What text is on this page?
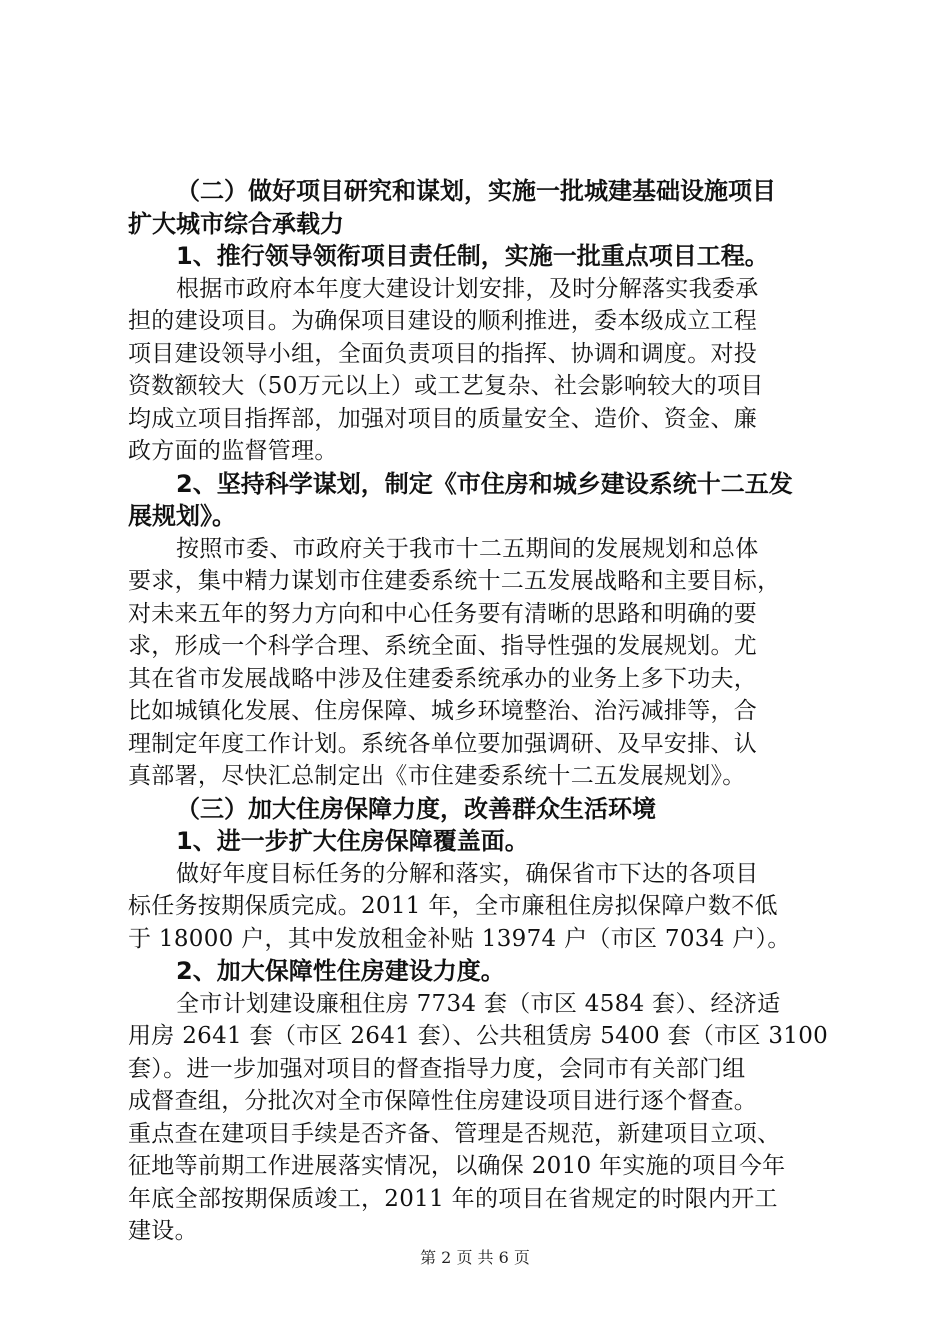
（二）做好项目研究和谋划，实施一批城建基础设施项目
扩大城市综合承载力
1、推行领导领衔项目责任制，实施一批重点项目工程。
根据市政府本年度大建设计划安排，及时分解落实我委承
担的建设项目。为确保项目建设的顺利推进，委本级成立工程
项目建设领导小组，全面负责项目的指挥、协调和调度。对投
资数额较大（50万元以上）或工艺复杂、社会影响较大的项目
均成立项目指挥部，加强对项目的质量安全、造价、资金、廉
政方面的监督管理。
2、坚持科学谋划，制定《市住房和城乡建设系统十二五发
展规划》。
按照市委、市政府关于我市十二五期间的发展规划和总体
要求，集中精力谋划市住建委系统十二五发展战略和主要目标，
对未来五年的努力方向和中心任务要有清晰的思路和明确的要
求，形成一个科学合理、系统全面、指导性强的发展规划。尤
其在省市发展战略中涉及住建委系统承办的业务上多下功夫，
比如城镇化发展、住房保障、城乡环境整治、治污减排等，合
理制定年度工作计划。系统各单位要加强调研、及早安排、认
真部署，尽快汇总制定出《市住建委系统十二五发展规划》。
（三）加大住房保障力度，改善群众生活环境
1、进一步扩大住房保障覆盖面。
做好年度目标任务的分解和落实，确保省市下达的各项目
标任务按期保质完成。2011 年，全市廉租住房拟保障户数不低
于 18000 户，其中发放租金补贴 13974 户（市区 7034 户）。
2、加大保障性住房建设力度。
全市计划建设廉租住房 7734 套（市区 4584 套）、经济适
用房 2641 套（市区 2641 套）、公共租赁房 5400 套（市区 3100
套）。进一步加强对项目的督查指导力度，会同市有关部门组
成督查组，分批次对全市保障性住房建设项目进行逐个督查。
重点查在建项目手续是否齐备、管理是否规范，新建项目立项、
征地等前期工作进展落实情况，以确保 2010 年实施的项目今年
年底全部按期保质竣工，2011 年的项目在省规定的时限内开工
建设。
第 2 页 共 6 页
